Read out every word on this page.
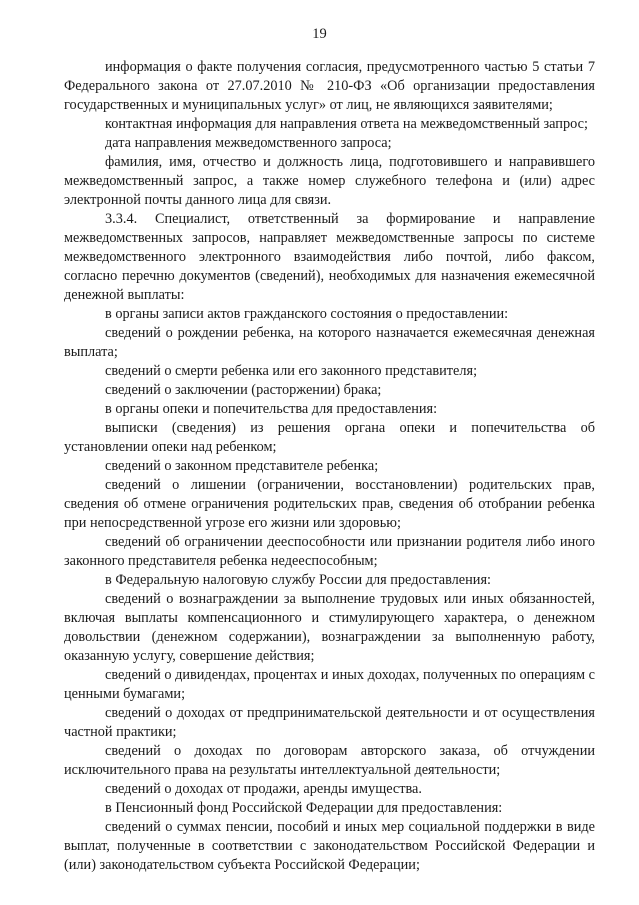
19

информация о факте получения согласия, предусмотренного частью 5 статьи 7 Федерального закона от 27.07.2010 № 210-ФЗ «Об организации предоставления государственных и муниципальных услуг» от лиц, не являющихся заявителями;

контактная информация для направления ответа на межведомственный запрос;

дата направления межведомственного запроса;

фамилия, имя, отчество и должность лица, подготовившего и направившего межведомственный запрос, а также номер служебного телефона и (или) адрес электронной почты данного лица для связи.

3.3.4. Специалист, ответственный за формирование и направление межведомственных запросов, направляет межведомственные запросы по системе межведомственного электронного взаимодействия либо почтой, либо факсом, согласно перечню документов (сведений), необходимых для назначения ежемесячной денежной выплаты:

в органы записи актов гражданского состояния о предоставлении:

сведений о рождении ребенка, на которого назначается ежемесячная денежная выплата;

сведений о смерти ребенка или его законного представителя;

сведений о заключении (расторжении) брака;

в органы опеки и попечительства для предоставления:

выписки (сведения) из решения органа опеки и попечительства об установлении опеки над ребенком;

сведений о законном представителе ребенка;

сведений о лишении (ограничении, восстановлении) родительских прав, сведения об отмене ограничения родительских прав, сведения об отобрании ребенка при непосредственной угрозе его жизни или здоровью;

сведений об ограничении дееспособности или признании родителя либо иного законного представителя ребенка недееспособным;

в Федеральную налоговую службу России для предоставления:

сведений о вознаграждении за выполнение трудовых или иных обязанностей, включая выплаты компенсационного и стимулирующего характера, о денежном довольствии (денежном содержании), вознаграждении за выполненную работу, оказанную услугу, совершение действия;

сведений о дивидендах, процентах и иных доходах, полученных по операциям с ценными бумагами;

сведений о доходах от предпринимательской деятельности и от осуществления частной практики;

сведений о доходах по договорам авторского заказа, об отчуждении исключительного права на результаты интеллектуальной деятельности;

сведений о доходах от продажи, аренды имущества.

в Пенсионный фонд Российской Федерации для предоставления:

сведений о суммах пенсии, пособий и иных мер социальной поддержки в виде выплат, полученные в соответствии с законодательством Российской Федерации и (или) законодательством субъекта Российской Федерации;
